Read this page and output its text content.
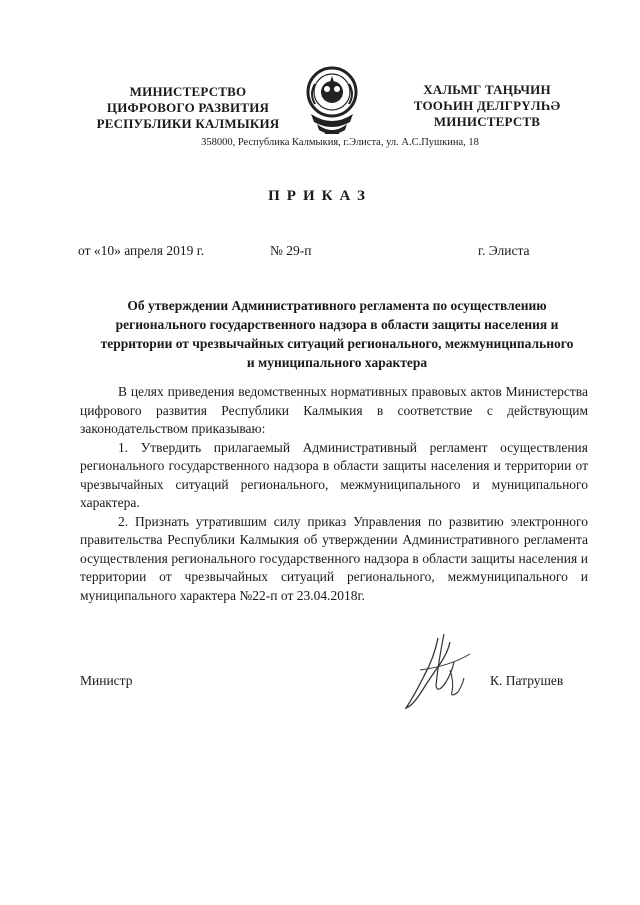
МИНИСТЕРСТВО
ЦИФРОВОГО РАЗВИТИЯ
РЕСПУБЛИКИ КАЛМЫКИЯ
ХАЛЬМГ ТАҢЬЧИН
ТООҺИН ДЕЛГРҮЛҺӘ
МИНИСТЕРСТВ
358000, Республика Калмыкия, г.Элиста, ул. А.С.Пушкина, 18
ПРИКАЗ
от «10» апреля 2019 г.	№ 29-п	г. Элиста
Об утверждении Административного регламента по осуществлению регионального государственного надзора в области защиты населения и территории от чрезвычайных ситуаций регионального, межмуниципального и муниципального характера

В целях приведения ведомственных нормативных правовых актов Министерства цифрового развития Республики Калмыкия в соответствие с действующим законодательством приказываю:

1. Утвердить прилагаемый Административный регламент осуществления регионального государственного надзора в области защиты населения и территории от чрезвычайных ситуаций регионального, межмуниципального и муниципального характера.

2. Признать утратившим силу приказ Управления по развитию электронного правительства Республики Калмыкия об утверждении Административного регламента осуществления регионального государственного надзора в области защиты населения и территории от чрезвычайных ситуаций регионального, межмуниципального и муниципального характера №22-п от 23.04.2018г.

Министр	К. Патрушев
